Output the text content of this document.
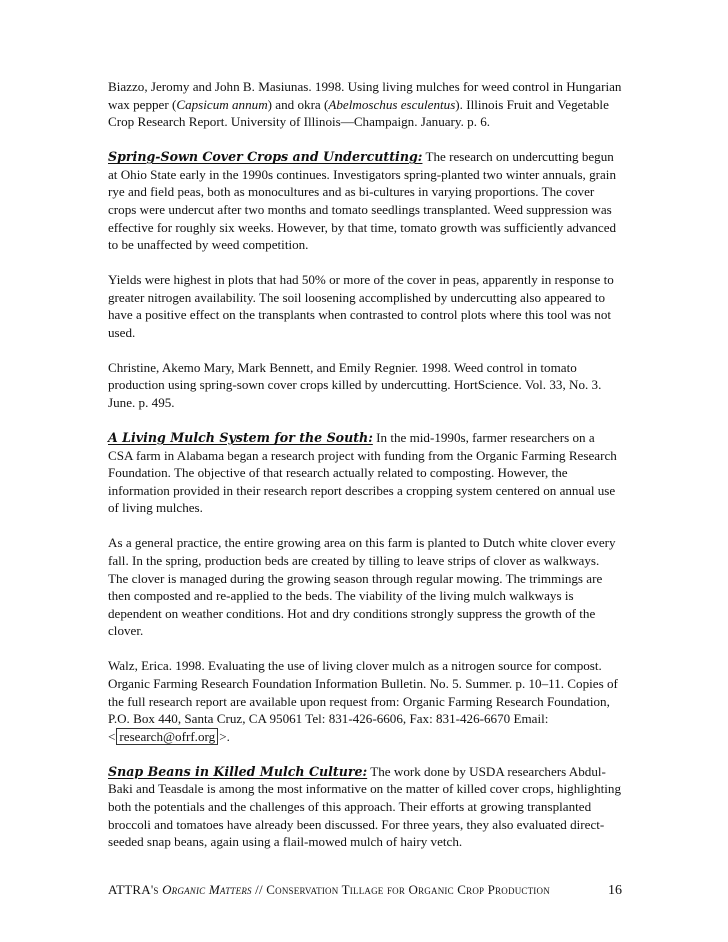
Biazzo, Jeromy and John B. Masiunas. 1998. Using living mulches for weed control in Hungarian wax pepper (Capsicum annum) and okra (Abelmoschus esculentus). Illinois Fruit and Vegetable Crop Research Report. University of Illinois—Champaign. January. p. 6.

Spring-Sown Cover Crops and Undercutting: The research on undercutting begun at Ohio State early in the 1990s continues. Investigators spring-planted two winter annuals, grain rye and field peas, both as monocultures and as bi-cultures in varying proportions. The cover crops were undercut after two months and tomato seedlings transplanted. Weed suppression was effective for roughly six weeks. However, by that time, tomato growth was sufficiently advanced to be unaffected by weed competition.

Yields were highest in plots that had 50% or more of the cover in peas, apparently in response to greater nitrogen availability. The soil loosening accomplished by undercutting also appeared to have a positive effect on the transplants when contrasted to control plots where this tool was not used.

Christine, Akemo Mary, Mark Bennett, and Emily Regnier. 1998. Weed control in tomato production using spring-sown cover crops killed by undercutting. HortScience. Vol. 33, No. 3. June. p. 495.

A Living Mulch System for the South: In the mid-1990s, farmer researchers on a CSA farm in Alabama began a research project with funding from the Organic Farming Research Foundation. The objective of that research actually related to composting. However, the information provided in their research report describes a cropping system centered on annual use of living mulches.

As a general practice, the entire growing area on this farm is planted to Dutch white clover every fall. In the spring, production beds are created by tilling to leave strips of clover as walkways. The clover is managed during the growing season through regular mowing. The trimmings are then composted and re-applied to the beds. The viability of the living mulch walkways is dependent on weather conditions. Hot and dry conditions strongly suppress the growth of the clover.

Walz, Erica. 1998. Evaluating the use of living clover mulch as a nitrogen source for compost. Organic Farming Research Foundation Information Bulletin. No. 5. Summer. p. 10–11. Copies of the full research report are available upon request from: Organic Farming Research Foundation, P.O. Box 440, Santa Cruz, CA 95061 Tel: 831-426-6606, Fax: 831-426-6670 Email: < research@ofrf.org >.

Snap Beans in Killed Mulch Culture: The work done by USDA researchers Abdul-Baki and Teasdale is among the most informative on the matter of killed cover crops, highlighting both the potentials and the challenges of this approach. Their efforts at growing transplanted broccoli and tomatoes have already been discussed. For three years, they also evaluated direct-seeded snap beans, again using a flail-mowed mulch of hairy vetch.

ATTRA's Organic Matters // Conservation Tillage for Organic Crop Production	16
